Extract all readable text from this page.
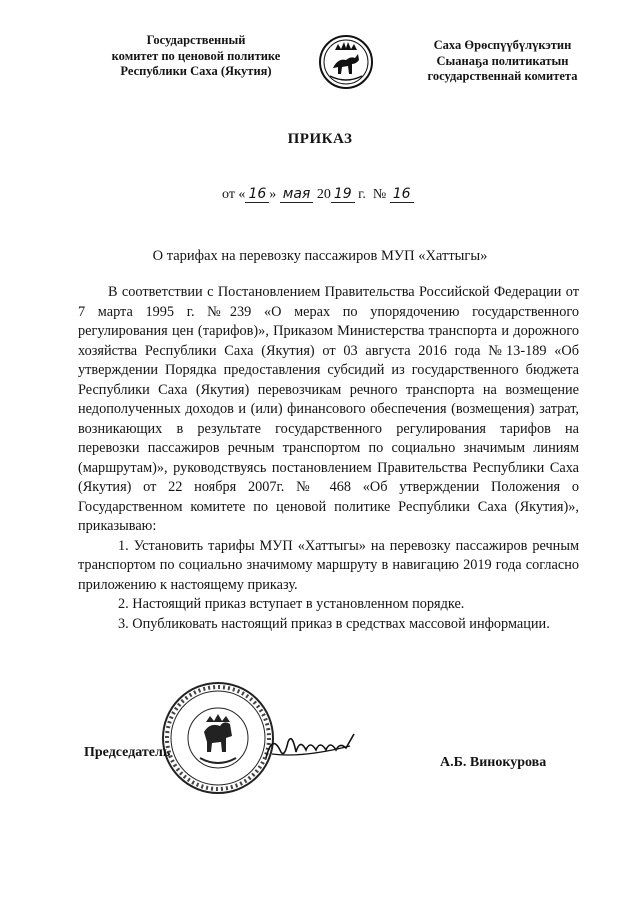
Государственный
комитет по ценовой политике
Республики Саха (Якутия)
Саха Өрөспүүбүлүкэтин
Сыанаҕа политикатын
государственнай комитета
ПРИКАЗ
от « 16 » мая 20 19 г. № 16
О тарифах на перевозку пассажиров МУП «Хаттыгы»

В соответствии с Постановлением Правительства Российской Федерации от 7 марта 1995 г. №239 «О мерах по упорядочению государственного регулирования цен (тарифов)», Приказом Министерства транспорта и дорожного хозяйства Республики Саха (Якутия) от 03 августа 2016 года №13-189 «Об утверждении Порядка предоставления субсидий из государственного бюджета Республики Саха (Якутия) перевозчикам речного транспорта на возмещение недополученных доходов и (или) финансового обеспечения (возмещения) затрат, возникающих в результате государственного регулирования тарифов на перевозки пассажиров речным транспортом по социально значимым линиям (маршрутам)», руководствуясь постановлением Правительства Республики Саха (Якутия) от 22 ноября 2007г. № 468 «Об утверждении Положения о Государственном комитете по ценовой политике Республики Саха (Якутия)», приказываю:

1. Установить тарифы МУП «Хаттыгы» на перевозку пассажиров речным транспортом по социально значимому маршруту в навигацию 2019 года согласно приложению к настоящему приказу.

2. Настоящий приказ вступает в установленном порядке.

3. Опубликовать настоящий приказ в средствах массовой информации.

Председатель
А.Б. Винокурова
